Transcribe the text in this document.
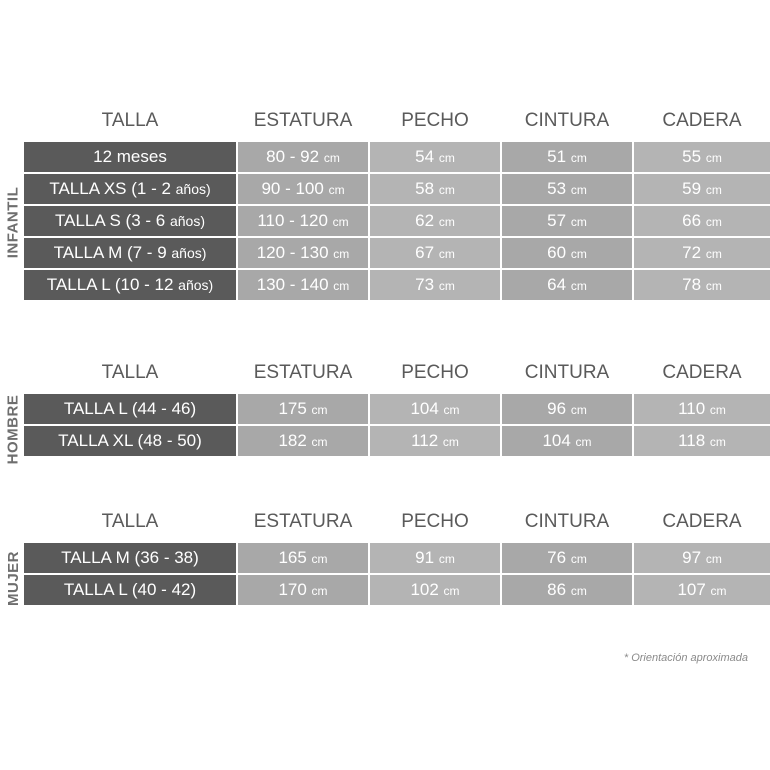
INFANTIL
TALLA	ESTATURA	PECHO	CINTURA	CADERA
12 meses	80 - 92 cm	54 cm	51 cm	55 cm
TALLA XS (1 - 2 años)	90 - 100 cm	58 cm	53 cm	59 cm
TALLA S (3 - 6 años)	110 - 120 cm	62 cm	57 cm	66 cm
TALLA M (7 - 9 años)	120 - 130 cm	67 cm	60 cm	72 cm
TALLA L (10 - 12 años)	130 - 140 cm	73 cm	64 cm	78 cm
HOMBRE
TALLA	ESTATURA	PECHO	CINTURA	CADERA
TALLA L (44 - 46)	175 cm	104 cm	96 cm	110 cm
TALLA XL (48 - 50)	182 cm	112 cm	104 cm	118 cm
MUJER
TALLA	ESTATURA	PECHO	CINTURA	CADERA
TALLA M (36 - 38)	165 cm	91 cm	76 cm	97 cm
TALLA L (40 - 42)	170 cm	102 cm	86 cm	107 cm
* Orientación aproximada
